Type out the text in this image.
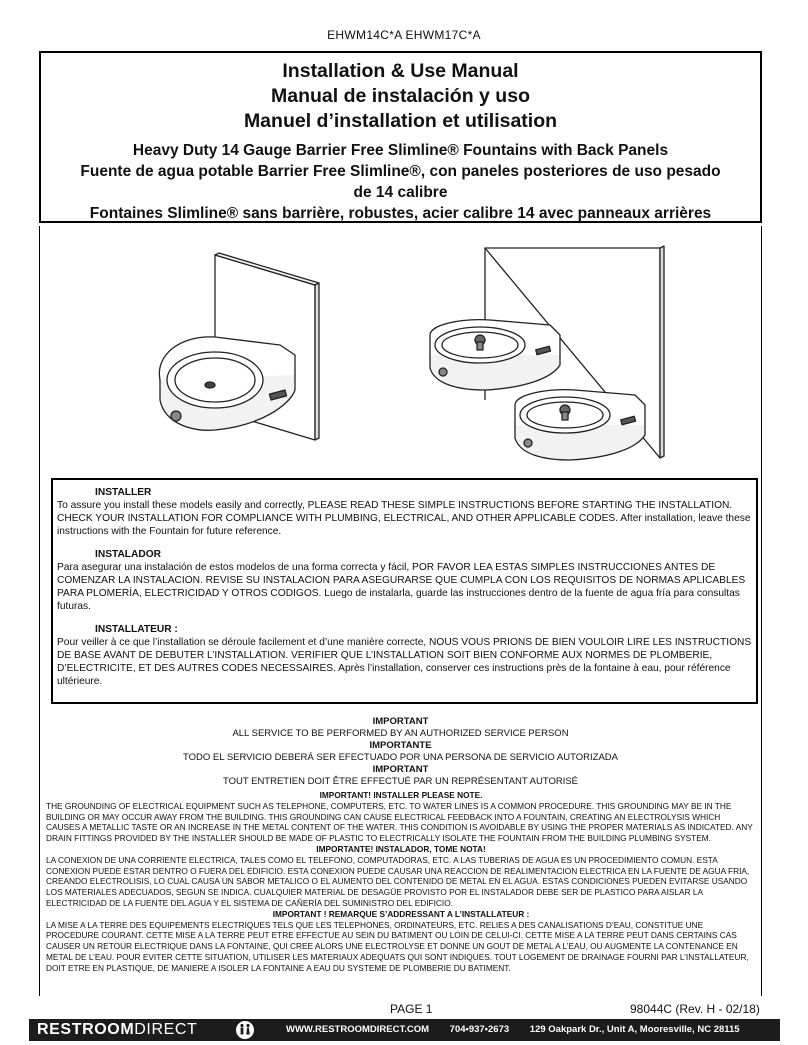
EHWM14C*A EHWM17C*A
Installation & Use Manual
Manual de instalación y uso
Manuel d’installation et utilisation
Heavy Duty 14 Gauge Barrier Free Slimline® Fountains with Back Panels
Fuente de agua potable Barrier Free Slimline®, con paneles posteriores de uso pesado
de 14 calibre
Fontaines Slimline® sans barrière, robustes, acier calibre 14 avec panneaux arrières
INSTALLER
To assure you install these models easily and correctly, PLEASE READ THESE SIMPLE INSTRUCTIONS BEFORE STARTING THE INSTALLATION. CHECK YOUR INSTALLATION FOR COMPLIANCE WITH PLUMBING, ELECTRICAL, AND OTHER APPLICABLE CODES. After installation, leave these instructions with the Fountain for future reference.
INSTALADOR
Para asegurar una instalación de estos modelos de una forma correcta y fácil, POR FAVOR LEA ESTAS SIMPLES INSTRUCCIONES ANTES DE COMENZAR LA INSTALACION. REVISE SU INSTALACION PARA ASEGURARSE QUE CUMPLA CON LOS REQUISITOS DE NORMAS APLICABLES PARA PLOMERÍA, ELECTRICIDAD Y OTROS CODIGOS. Luego de instalarla, guarde las instrucciones dentro de la fuente de agua fría para consultas futuras.
INSTALLATEUR :
Pour veiller à ce que l’installation se déroule facilement et d’une manière correcte, NOUS VOUS PRIONS DE BIEN VOULOIR LIRE LES INSTRUCTIONS DE BASE AVANT DE DEBUTER L’INSTALLATION. VERIFIER QUE L’INSTALLATION SOIT BIEN CONFORME AUX NORMES DE PLOMBERIE, D’ELECTRICITE, ET DES AUTRES CODES NECESSAIRES. Après l’installation, conserver ces instructions près de la fontaine à eau, pour référence ultérieure.
IMPORTANT
ALL SERVICE TO BE PERFORMED BY AN AUTHORIZED SERVICE PERSON
IMPORTANTE
TODO EL SERVICIO DEBERÁ SER EFECTUADO POR UNA PERSONA DE SERVICIO AUTORIZADA
IMPORTANT
TOUT ENTRETIEN DOIT ÊTRE EFFECTUÉ PAR UN REPRÉSENTANT AUTORISÉ
IMPORTANT! INSTALLER PLEASE NOTE.
THE GROUNDING OF ELECTRICAL EQUIPMENT SUCH AS TELEPHONE, COMPUTERS, ETC. TO WATER LINES IS A COMMON PROCEDURE. THIS GROUNDING MAY BE IN THE BUILDING OR MAY OCCUR AWAY FROM THE BUILDING. THIS GROUNDING CAN CAUSE ELECTRICAL FEEDBACK INTO A FOUNTAIN, CREATING AN ELECTROLYSIS WHICH CAUSES A METALLIC TASTE OR AN INCREASE IN THE METAL CONTENT OF THE WATER. THIS CONDITION IS AVOIDABLE BY USING THE PROPER MATERIALS AS INDICATED. ANY DRAIN FITTINGS PROVIDED BY THE INSTALLER SHOULD BE MADE OF PLASTIC TO ELECTRICALLY ISOLATE THE FOUNTAIN FROM THE BUILDING PLUMBING SYSTEM.
IMPORTANTE! INSTALADOR, TOME NOTA!
LA CONEXION DE UNA CORRIENTE ELECTRICA, TALES COMO EL TELEFONO, COMPUTADORAS, ETC. A LAS TUBERIAS DE AGUA ES UN PROCEDIMIENTO COMUN. ESTA CONEXION PUEDE ESTAR DENTRO O FUERA DEL EDIFICIO. ESTA CONEXION PUEDE CAUSAR UNA REACCION DE REALIMENTACION ELECTRICA EN LA FUENTE DE AGUA FRIA, CREANDO ELECTROLISIS, LO CUAL CAUSA UN SABOR METALICO O EL AUMENTO DEL CONTENIDO DE METAL EN EL AGUA. ESTAS CONDICIONES PUEDEN EVITARSE USANDO LOS MATERIALES ADECUADOS, SEGUN SE INDICA. CUALQUIER MATERIAL DE DESAGÜE PROVISTO POR EL INSTALADOR DEBE SER DE PLASTICO PARA AISLAR LA ELECTRICIDAD DE LA FUENTE DEL AGUA Y EL SISTEMA DE CAÑERÍA DEL SUMINISTRO DEL EDIFICIO.
IMPORTANT ! REMARQUE S’ADDRESSANT A L’INSTALLATEUR :
LA MISE A LA TERRE DES EQUIPEMENTS ELECTRIQUES TELS QUE LES TELEPHONES, ORDINATEURS, ETC. RELIES A DES CANALISATIONS D’EAU, CONSTITUE UNE PROCEDURE COURANT. CETTE MISE A LA TERRE PEUT ETRE EFFECTUE AU SEIN DU BATIMENT OU LOIN DE CELUI-CI. CETTE MISE A LA TERRE PEUT DANS CERTAINS CAS CAUSER UN RETOUR ELECTRIQUE DANS LA FONTAINE, QUI CREE ALORS UNE ELECTROLYSE ET DONNE UN GOUT DE METAL A L’EAU, OU AUGMENTE LA CONTENANCE EN METAL DE L’EAU. POUR EVITER CETTE SITUATION, UTILISER LES MATERIAUX ADEQUATS QUI SONT INDIQUES. TOUT LOGEMENT DE DRAINAGE FOURNI PAR L’INSTALLATEUR, DOIT ETRE EN PLASTIQUE, DE MANIERE A ISOLER LA FONTAINE A EAU DU SYSTEME DE PLOMBERIE DU BATIMENT.
PAGE 1	98044C (Rev. H - 02/18)
RESTROOMDIRECT	WWW.RESTROOMDIRECT.COM 704•937•2673 129 Oakpark Dr., Unit A, Mooresville, NC 28115
